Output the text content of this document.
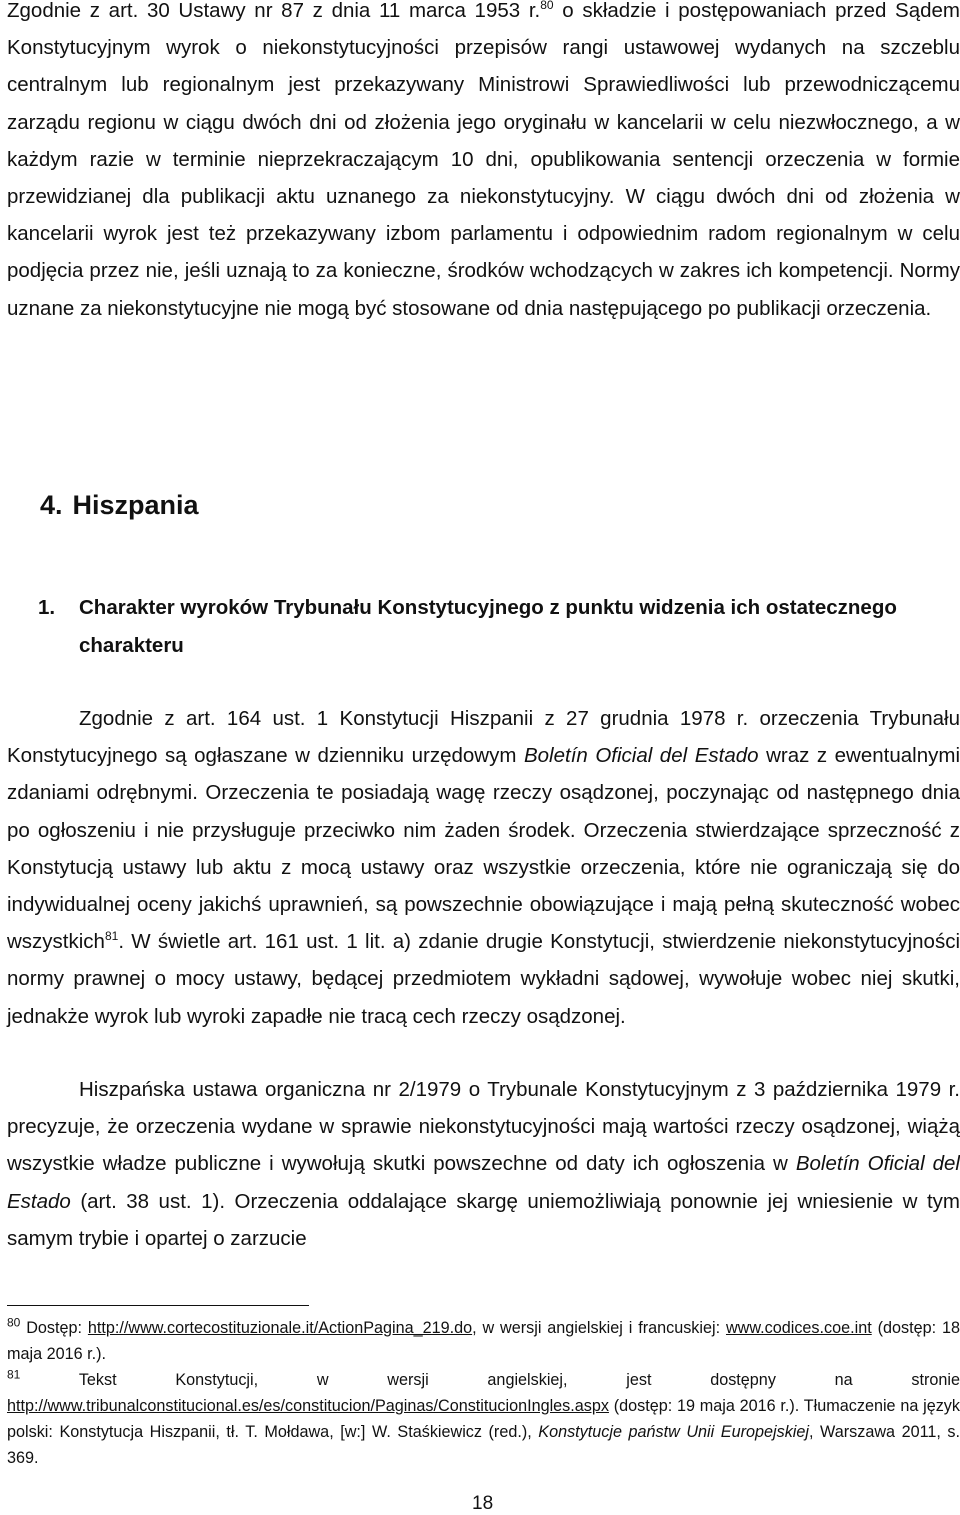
Zgodnie z art. 30 Ustawy nr 87 z dnia 11 marca 1953 r.$^{80}$ o składzie i postępowaniach przed Sądem Konstytucyjnym wyrok o niekonstytucyjności przepisów rangi ustawowej wydanych na szczeblu centralnym lub regionalnym jest przekazywany Ministrowi Sprawiedliwości lub przewodniczącemu zarządu regionu w ciągu dwóch dni od złożenia jego oryginału w kancelarii w celu niezwłocznego, a w każdym razie w terminie nieprzekraczającym 10 dni, opublikowania sentencji orzeczenia w formie przewidzianej dla publikacji aktu uznanego za niekonstytucyjny. W ciągu dwóch dni od złożenia w kancelarii wyrok jest też przekazywany izbom parlamentu i odpowiednim radom regionalnym w celu podjęcia przez nie, jeśli uznają to za konieczne, środków wchodzących w zakres ich kompetencji. Normy uznane za niekonstytucyjne nie mogą być stosowane od dnia następującego po publikacji orzeczenia.

4. Hiszpania
1.	Charakter wyroków Trybunału Konstytucyjnego z punktu widzenia ich ostatecznego charakteru

Zgodnie z art. 164 ust. 1 Konstytucji Hiszpanii z 27 grudnia 1978 r. orzeczenia Trybunału Konstytucyjnego są ogłaszane w dzienniku urzędowym Boletín Oficial del Estado wraz z ewentualnymi zdaniami odrębnymi. Orzeczenia te posiadają wagę rzeczy osądzonej, poczynając od następnego dnia po ogłoszeniu i nie przysługuje przeciwko nim żaden środek. Orzeczenia stwierdzające sprzeczność z Konstytucją ustawy lub aktu z mocą ustawy oraz wszystkie orzeczenia, które nie ograniczają się do indywidualnej oceny jakichś uprawnień, są powszechnie obowiązujące i mają pełną skuteczność wobec wszystkich$^{81}$. W świetle art. 161 ust. 1 lit. a) zdanie drugie Konstytucji, stwierdzenie niekonstytucyjności normy prawnej o mocy ustawy, będącej przedmiotem wykładni sądowej, wywołuje wobec niej skutki, jednakże wyrok lub wyroki zapadłe nie tracą cech rzeczy osądzonej.

Hiszpańska ustawa organiczna nr 2/1979 o Trybunale Konstytucyjnym z 3 października 1979 r. precyzuje, że orzeczenia wydane w sprawie niekonstytucyjności mają wartości rzeczy osądzonej, wiążą wszystkie władze publiczne i wywołują skutki powszechne od daty ich ogłoszenia w Boletín Oficial del Estado (art. 38 ust. 1). Orzeczenia oddalające skargę uniemożliwiają ponownie jej wniesienie w tym samym trybie i opartej o zarzucie

$^{80}$ Dostęp: http://www.cortecostituzionale.it/ActionPagina_219.do, w wersji angielskiej i francuskiej: www.codices.coe.int (dostęp: 18 maja 2016 r.).

$^{81}$ Tekst Konstytucji, w wersji angielskiej, jest dostępny na stronie http://www.tribunalconstitucional.es/es/constitucion/Paginas/ConstitucionIngles.aspx (dostęp: 19 maja 2016 r.). Tłumaczenie na język polski: Konstytucja Hiszpanii, tł. T. Mołdawa, [w:] W. Staśkiewicz (red.), Konstytucje państw Unii Europejskiej, Warszawa 2011, s. 369.

18
